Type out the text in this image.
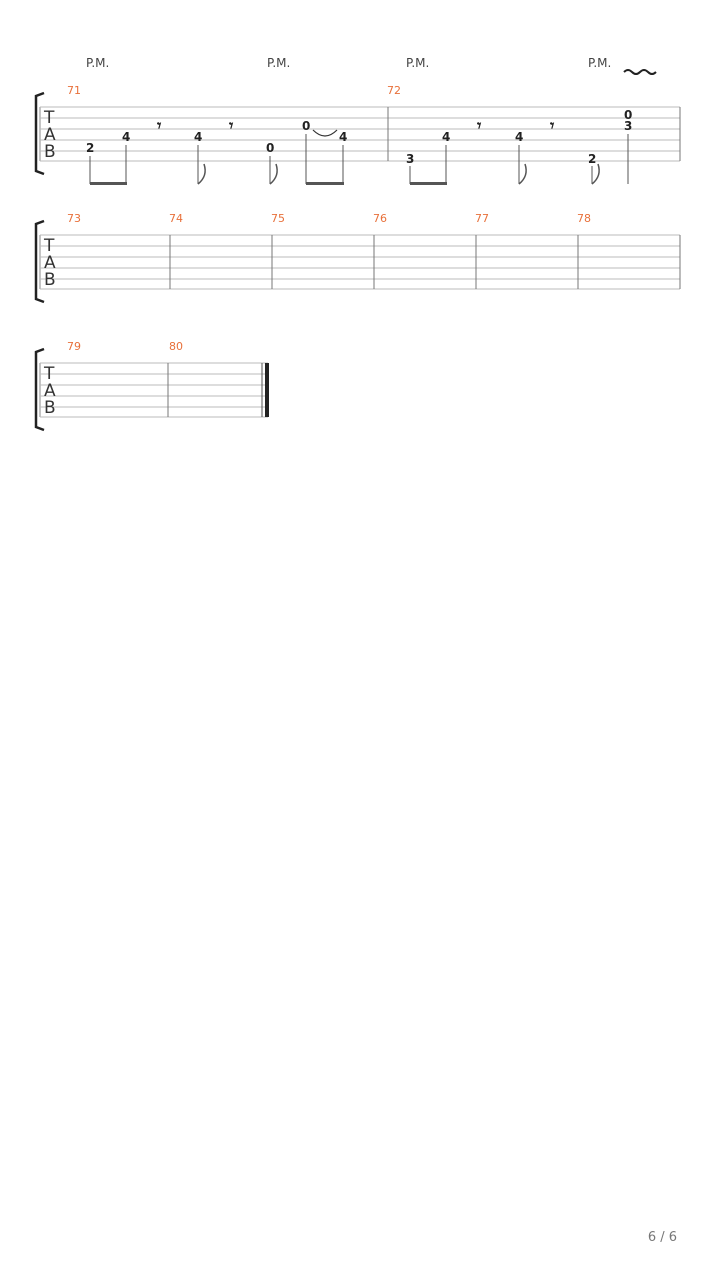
P.M.	P.M.	P.M.	P.M.
T
A
B
71	72
2
4	4
0
0
4
𝄾	𝄾
3
4	4
2
0
3
𝄾	𝄾
T
A
B
73	74	75	76	77	78
T
A
B
79	80
6 / 6
